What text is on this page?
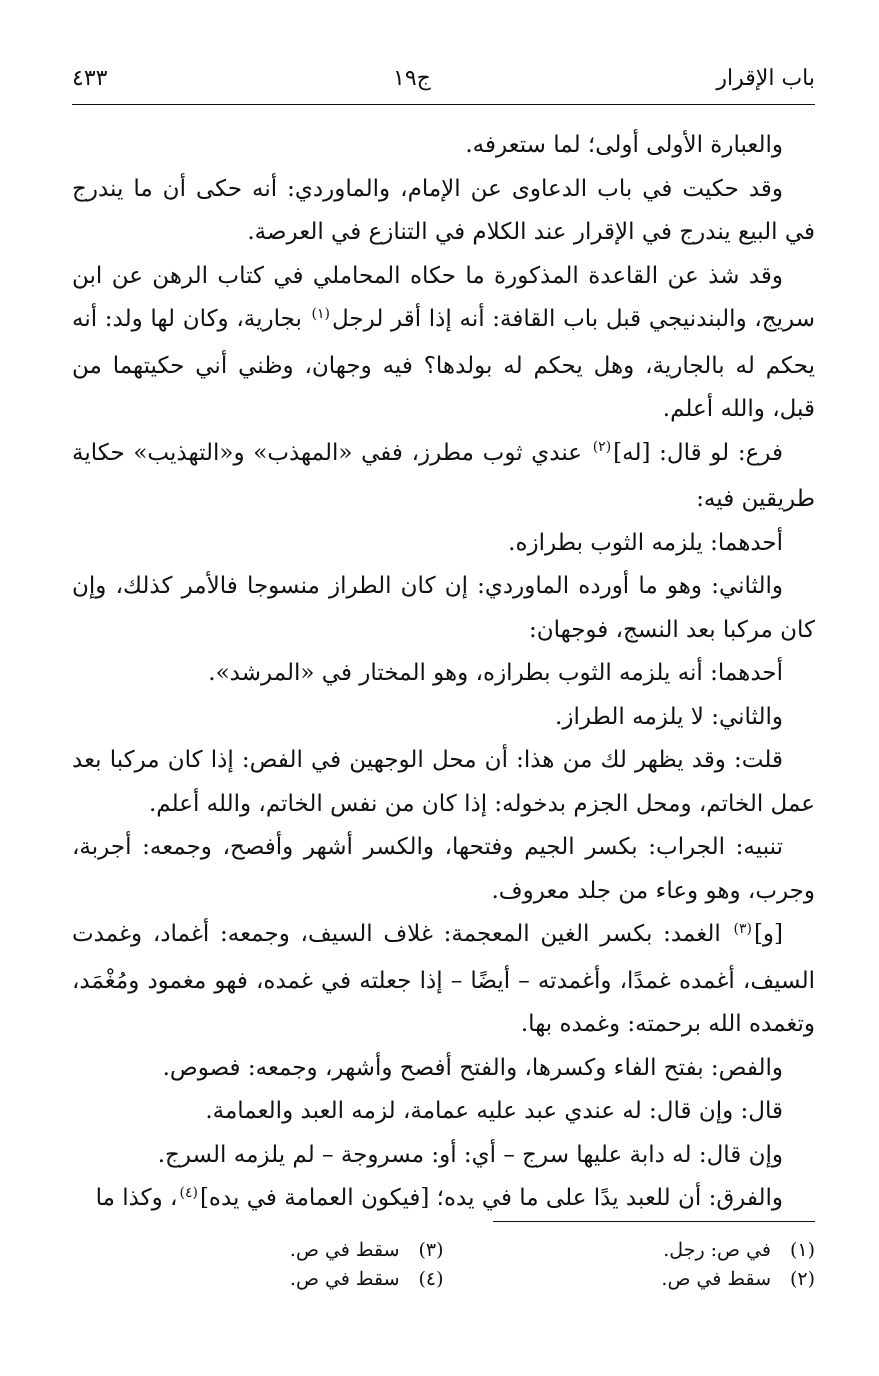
باب الإقرار
ج١٩
٤٣٣

والعبارة الأولى أولى؛ لما ستعرفه.

وقد حكيت في باب الدعاوى عن الإمام، والماوردي: أنه حكى أن ما يندرج في البيع يندرج في الإقرار عند الكلام في التنازع في العرصة.

وقد شذ عن القاعدة المذكورة ما حكاه المحاملي في كتاب الرهن عن ابن سريج، والبندنيجي قبل باب القافة: أنه إذا أقر لرجل$^{(١)}$ بجارية، وكان لها ولد: أنه يحكم له بالجارية، وهل يحكم له بولدها؟ فيه وجهان، وظني أني حكيتهما من قبل، والله أعلم.

فرع: لو قال: [له]$^{(٢)}$ عندي ثوب مطرز، ففي «المهذب» و«التهذيب» حكاية طريقين فيه:

أحدهما: يلزمه الثوب بطرازه.

والثاني: وهو ما أورده الماوردي: إن كان الطراز منسوجا فالأمر كذلك، وإن كان مركبا بعد النسج، فوجهان:

أحدهما: أنه يلزمه الثوب بطرازه، وهو المختار في «المرشد».

والثاني: لا يلزمه الطراز.

قلت: وقد يظهر لك من هذا: أن محل الوجهين في الفص: إذا كان مركبا بعد عمل الخاتم، ومحل الجزم بدخوله: إذا كان من نفس الخاتم، والله أعلم.

تنبيه: الجراب: بكسر الجيم وفتحها، والكسر أشهر وأفصح، وجمعه: أجربة، وجرب، وهو وعاء من جلد معروف.

[و]$^{(٣)}$ الغمد: بكسر الغين المعجمة: غلاف السيف، وجمعه: أغماد، وغمدت السيف، أغمده غمدًا، وأغمدته – أيضًا – إذا جعلته في غمده، فهو مغمود ومُغْمَد، وتغمده الله برحمته: وغمده بها.

والفص: بفتح الفاء وكسرها، والفتح أفصح وأشهر، وجمعه: فصوص.

قال: وإن قال: له عندي عبد عليه عمامة، لزمه العبد والعمامة.

وإن قال: له دابة عليها سرج – أي: أو: مسروجة – لم يلزمه السرج.

والفرق: أن للعبد يدًا على ما في يده؛ [فيكون العمامة في يده]$^{(٤)}$، وكذا ما

(١)في ص: رجل.
(٢)سقط في ص.
(٣)سقط في ص.
(٤)سقط في ص.
